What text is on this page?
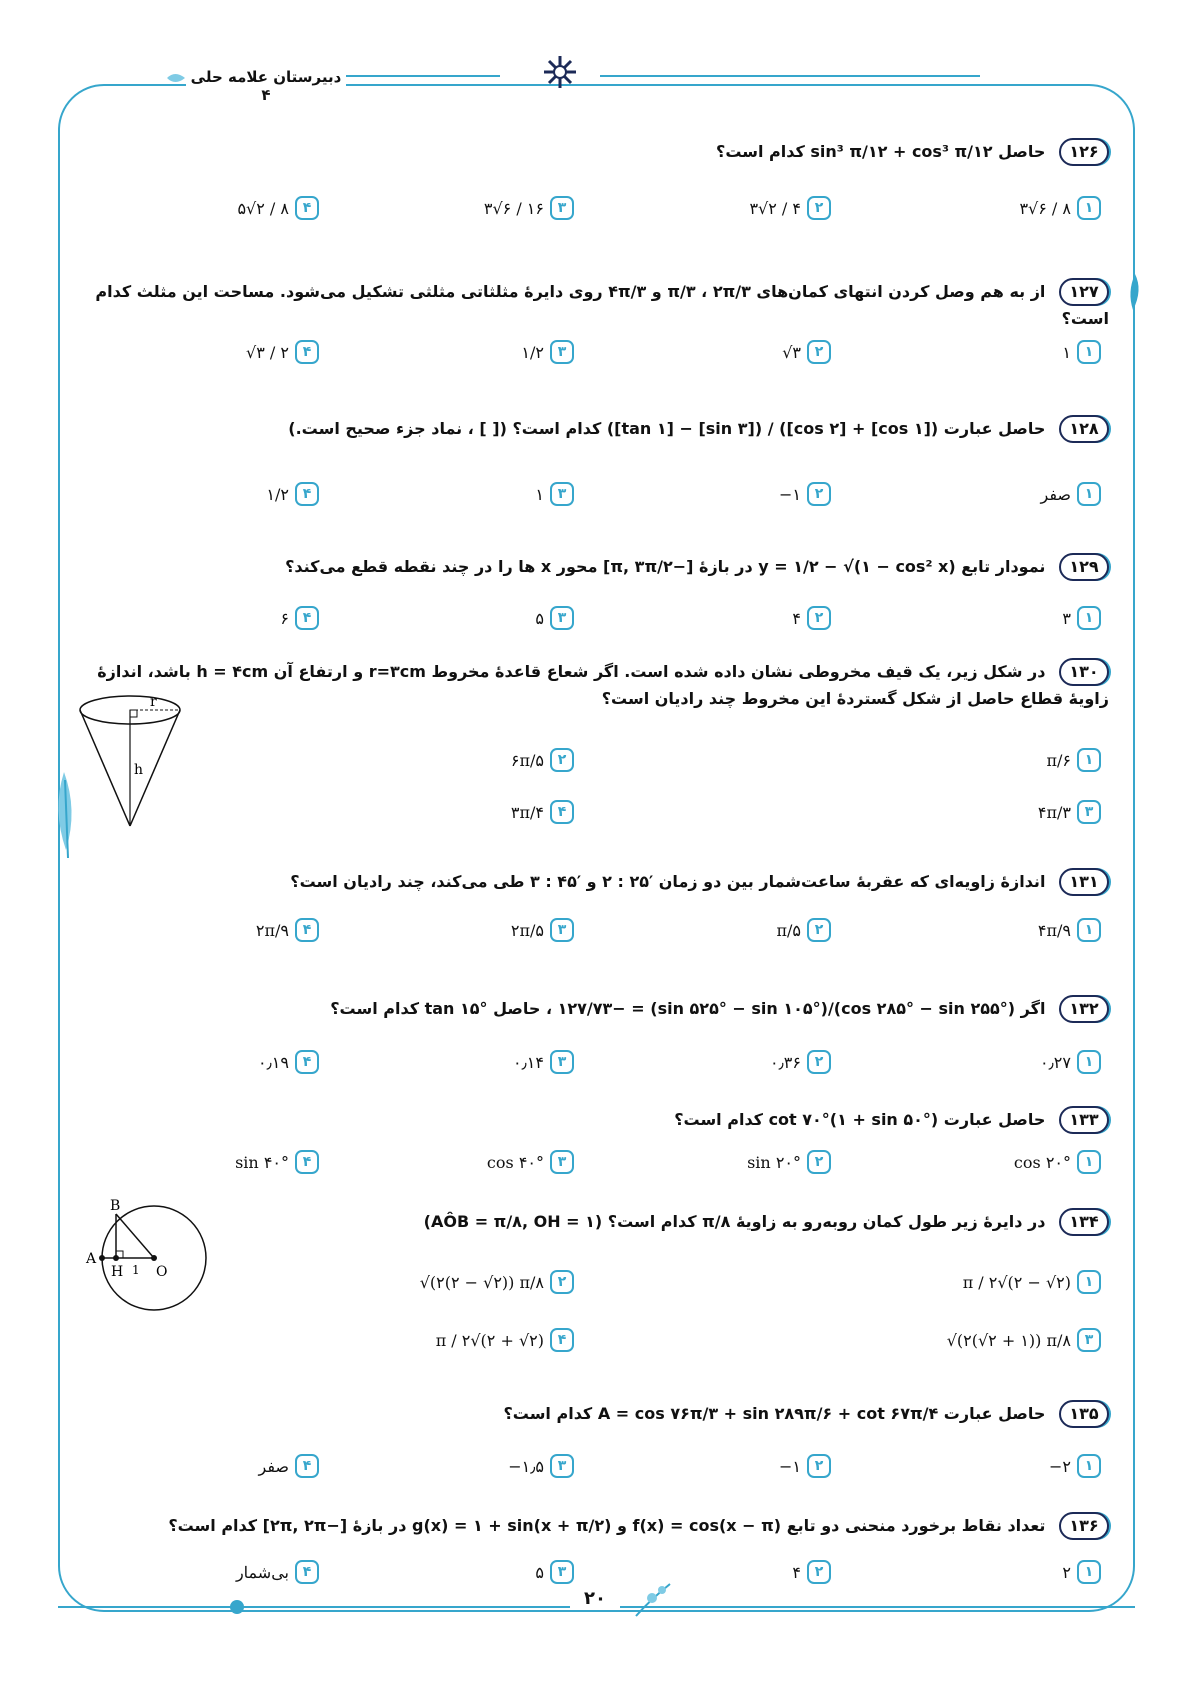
دبیرستان علامه حلی ۴
۲۰
۱۲۶ حاصل sin³ π/۱۲ + cos³ π/۱۲ کدام است؟
۱
۳√۶ / ۸
۲
۳√۲ / ۴
۳
۳√۶ / ۱۶
۴
۵√۲ / ۸
۱۲۷ از به هم وصل کردن انتهای کمان‌های π/۳ ، ۲π/۳ و ۴π/۳ روی دایرهٔ مثلثاتی مثلثی تشکیل می‌شود. مساحت این مثلث کدام است؟
۱
۱
۲
√۳
۳
۱/۲
۴
√۳ / ۲
۱۲۸ حاصل عبارت ([cos ۱] + [cos ۲]) / ([sin ۳] − [tan ۱]) کدام است؟ ([ ] ، نماد جزء صحیح است.)
۱
صفر
۲
−۱
۳
۱
۴
۱/۲
۱۲۹ نمودار تابع y = ۱/۲ − √(۱ − cos² x) در بازهٔ [−π, ۳π/۲] محور x ها را در چند نقطه قطع می‌کند؟
۱
۳
۲
۴
۳
۵
۴
۶
۱۳۰ در شکل زیر، یک قیف مخروطی نشان داده شده است. اگر شعاع قاعدهٔ مخروط r=۳cm و ارتفاع آن h = ۴cm باشد، اندازهٔ زاویهٔ قطاع حاصل از شکل گستردهٔ این مخروط چند رادیان است؟
r
h
۱
π/۶
۲
۶π/۵
۳
۴π/۳
۴
۳π/۴
۱۳۱ اندازهٔ زاویه‌ای که عقربهٔ ساعت‌شمار بین دو زمان ′۲۵ : ۲ و ′۴۵ : ۳ طی می‌کند، چند رادیان است؟
۱
۴π/۹
۲
π/۵
۳
۲π/۵
۴
۲π/۹
۱۳۲ اگر (cos ۲۸۵° − sin ۲۵۵°)/(sin ۵۲۵° − sin ۱۰۵°) = −۱۲۷/۷۳ ، حاصل tan ۱۵° کدام است؟
۱
۰٫۲۷
۲
۰٫۳۶
۳
۰٫۱۴
۴
۰٫۱۹
۱۳۳ حاصل عبارت cot ۷۰°(۱ + sin ۵۰°) کدام است؟
۱
cos ۲۰°
۲
sin ۲۰°
۳
cos ۴۰°
۴
sin ۴۰°
۱۳۴ در دایرهٔ زیر طول کمان روبه‌رو به زاویهٔ π/۸ کدام است؟ (AÔB = π/۸, OH = ۱)
A
B
H O
1
۱
π / ۲√(۲ − √۲)
۲
√(۲(۲ − √۲)) π/۸
۳
√(۲(√۲ + ۱)) π/۸
۴
π / ۲√(۲ + √۲)
۱۳۵ حاصل عبارت A = cos ۷۶π/۳ + sin ۲۸۹π/۶ + cot ۶۷π/۴ کدام است؟
۱
−۲
۲
−۱
۳
−۱٫۵
۴
صفر
۱۳۶ تعداد نقاط برخورد منحنی دو تابع f(x) = cos(x − π) و g(x) = ۱ + sin(x + π/۲) در بازهٔ [−۲π, ۲π] کدام است؟
۱
۲
۲
۴
۳
۵
۴
بی‌شمار
